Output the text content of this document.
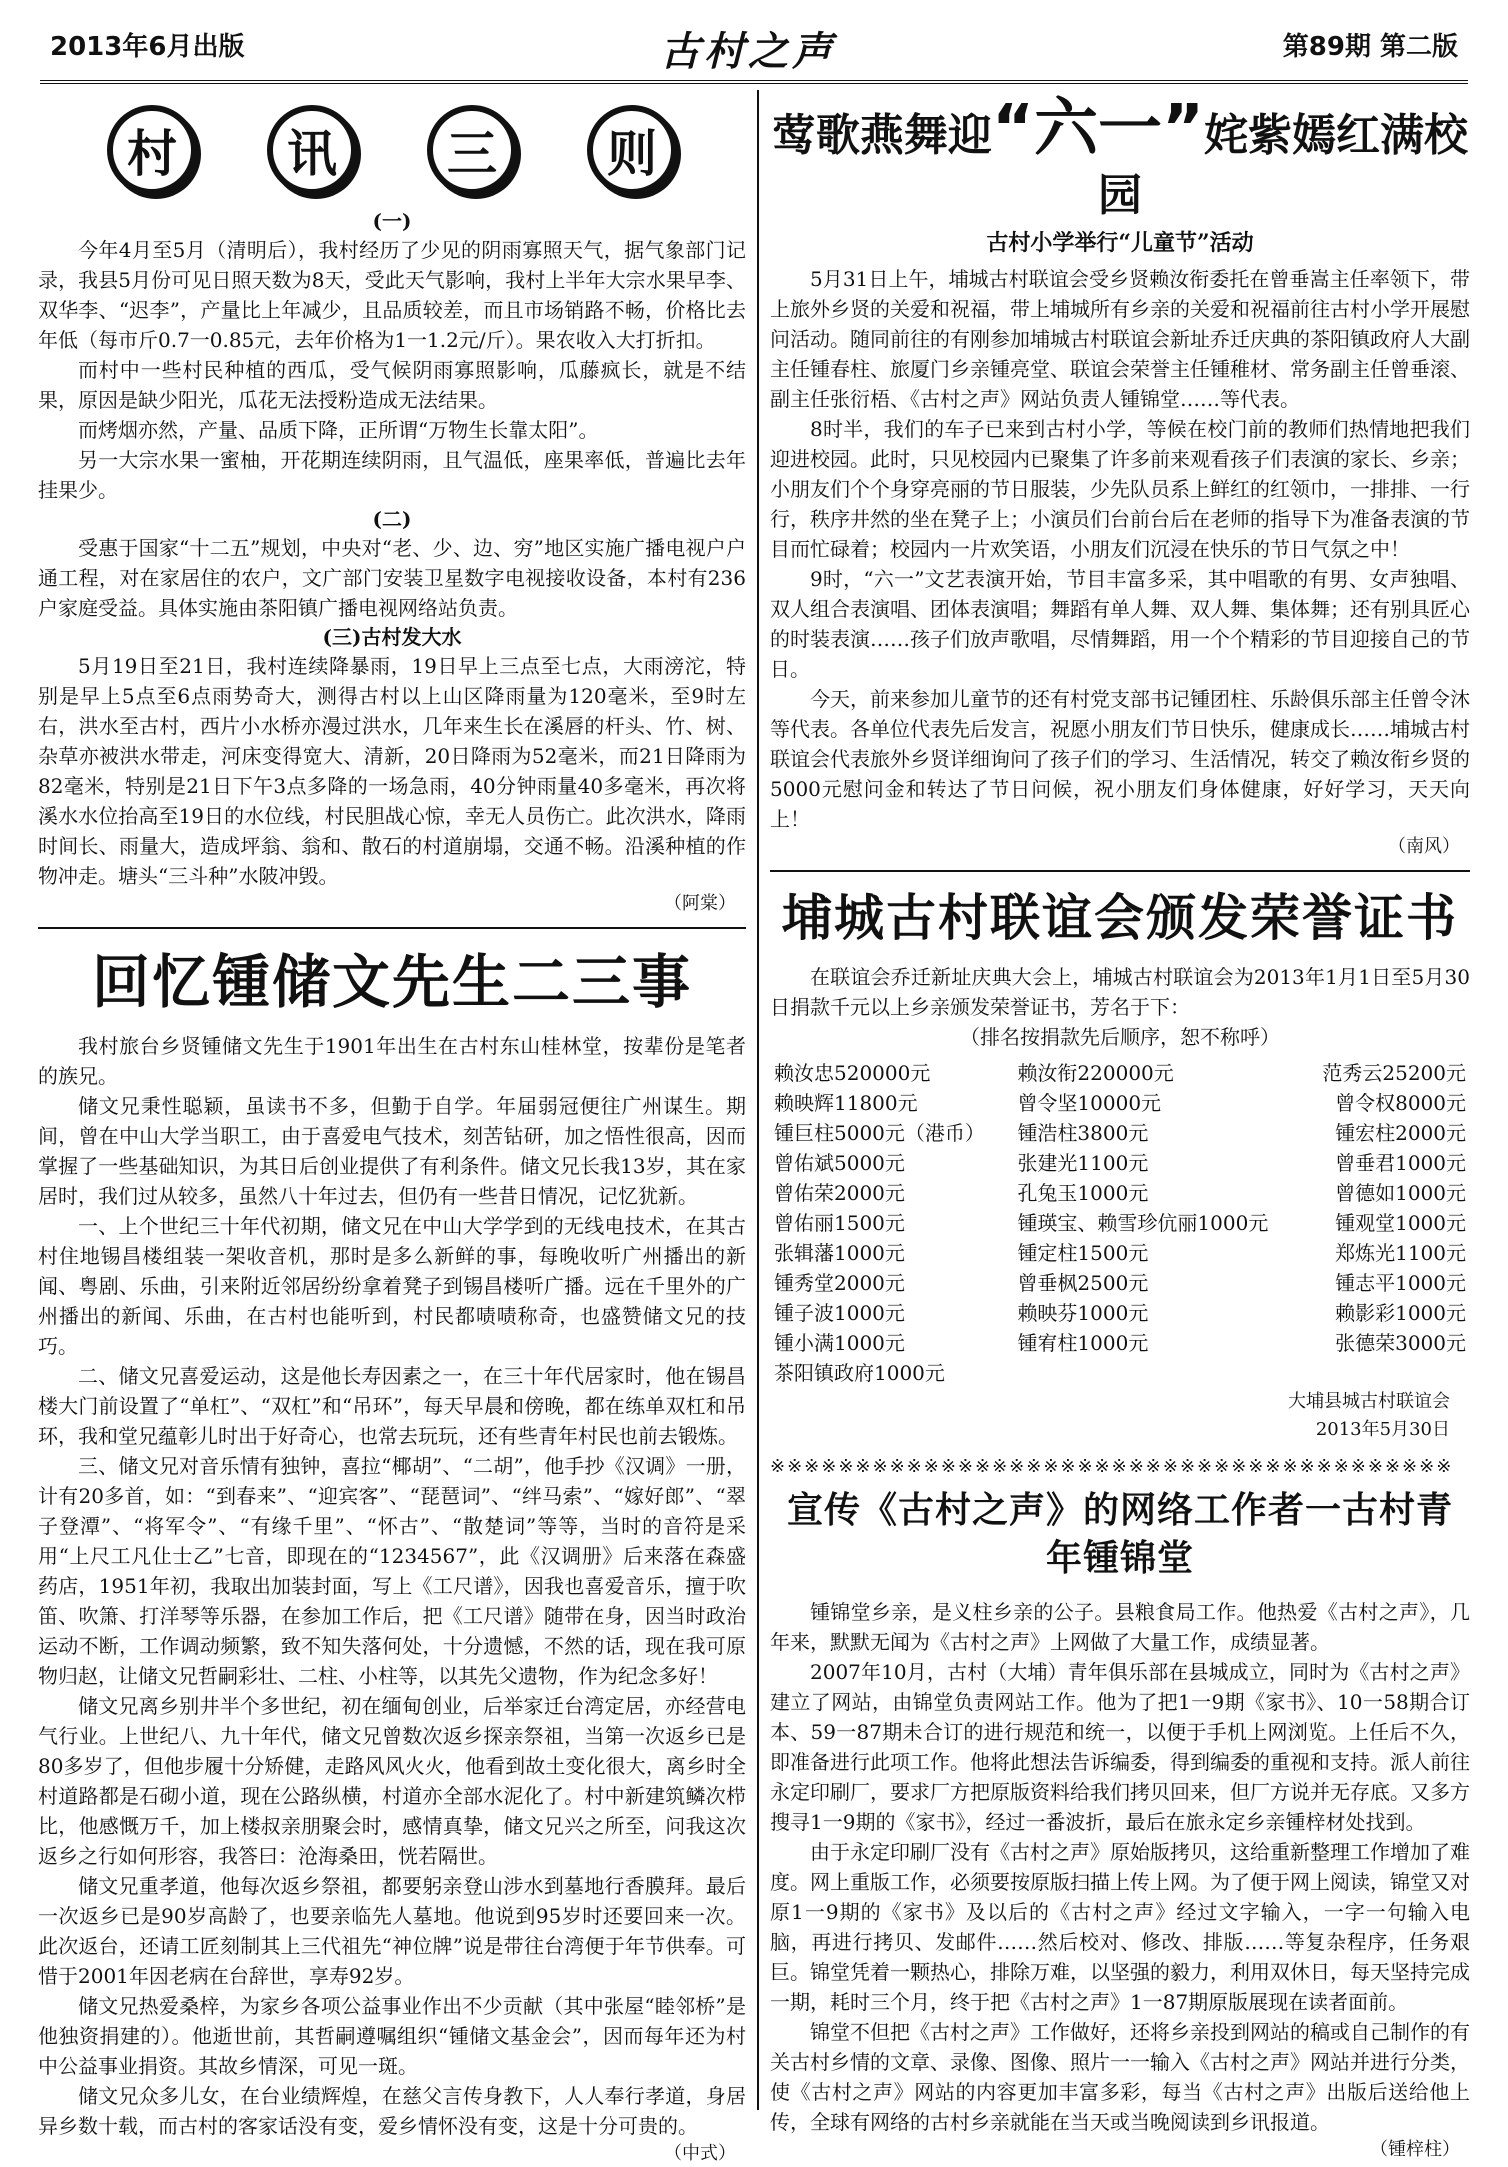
2013年6月出版	古村之声	第89期 第二版
村	讯	三	则

(一)

今年4月至5月（清明后），我村经历了少见的阴雨寡照天气，据气象部门记录，我县5月份可见日照天数为8天，受此天气影响，我村上半年大宗水果早李、双华李、“迟李”，产量比上年减少，且品质较差，而且市场销路不畅，价格比去年低（每市斤0.7一0.85元，去年价格为1一1.2元/斤）。果农收入大打折扣。

而村中一些村民种植的西瓜，受气候阴雨寡照影响，瓜藤疯长，就是不结果，原因是缺少阳光，瓜花无法授粉造成无法结果。

而烤烟亦然，产量、品质下降，正所谓“万物生长靠太阳”。

另一大宗水果一蜜柚，开花期连续阴雨，且气温低，座果率低，普遍比去年挂果少。

(二)

受惠于国家“十二五”规划，中央对“老、少、边、穷”地区实施广播电视户户通工程，对在家居住的农户，文广部门安装卫星数字电视接收设备，本村有236户家庭受益。具体实施由茶阳镇广播电视网络站负责。

(三)古村发大水

5月19日至21日，我村连续降暴雨，19日早上三点至七点，大雨滂沱，特别是早上5点至6点雨势奇大，测得古村以上山区降雨量为120毫米，至9时左右，洪水至古村，西片小水桥亦漫过洪水，几年来生长在溪唇的杆头、竹、树、杂草亦被洪水带走，河床变得宽大、清新，20日降雨为52毫米，而21日降雨为82毫米，特别是21日下午3点多降的一场急雨，40分钟雨量40多毫米，再次将溪水水位抬高至19日的水位线，村民胆战心惊，幸无人员伤亡。此次洪水，降雨时间长、雨量大，造成坪翁、翁和、散石的村道崩塌，交通不畅。沿溪种植的作物冲走。塘头“三斗种”水陂冲毁。

（阿棠）

回忆锺储文先生二三事

我村旅台乡贤锺储文先生于1901年出生在古村东山桂林堂，按辈份是笔者的族兄。

储文兄秉性聪颖，虽读书不多，但勤于自学。年届弱冠便往广州谋生。期间，曾在中山大学当职工，由于喜爱电气技术，刻苦钻研，加之悟性很高，因而掌握了一些基础知识，为其日后创业提供了有利条件。储文兄长我13岁，其在家居时，我们过从较多，虽然八十年过去，但仍有一些昔日情况，记忆犹新。

一、上个世纪三十年代初期，储文兄在中山大学学到的无线电技术，在其古村住地锡昌楼组装一架收音机，那时是多么新鲜的事，每晚收听广州播出的新闻、粤剧、乐曲，引来附近邻居纷纷拿着凳子到锡昌楼听广播。远在千里外的广州播出的新闻、乐曲，在古村也能听到，村民都啧啧称奇，也盛赞储文兄的技巧。

二、储文兄喜爱运动，这是他长寿因素之一，在三十年代居家时，他在锡昌楼大门前设置了“单杠”、“双杠”和“吊环”，每天早晨和傍晚，都在练单双杠和吊环，我和堂兄蕴彰儿时出于好奇心，也常去玩玩，还有些青年村民也前去锻炼。

三、储文兄对音乐情有独钟，喜拉“椰胡”、“二胡”，他手抄《汉调》一册，计有20多首，如：“到春来”、“迎宾客”、“琵琶词”、“绊马索”、“嫁好郎”、“翠子登潭”、“将军令”、“有缘千里”、“怀古”、“散楚词”等等，当时的音符是采用“上尺工凡仩士乙”七音，即现在的“1234567”，此《汉调册》后来落在森盛药店，1951年初，我取出加装封面，写上《工尺谱》，因我也喜爱音乐，擅于吹笛、吹箫、打洋琴等乐器，在参加工作后，把《工尺谱》随带在身，因当时政治运动不断，工作调动频繁，致不知失落何处，十分遗憾，不然的话，现在我可原物归赵，让储文兄哲嗣彩壮、二柱、小柱等，以其先父遗物，作为纪念多好！

储文兄离乡别井半个多世纪，初在缅甸创业，后举家迁台湾定居，亦经营电气行业。上世纪八、九十年代，储文兄曾数次返乡探亲祭祖，当第一次返乡已是80多岁了，但他步履十分矫健，走路风风火火，他看到故土变化很大，离乡时全村道路都是石砌小道，现在公路纵横，村道亦全部水泥化了。村中新建筑鳞次栉比，他感慨万千，加上楼叔亲朋聚会时，感情真挚，储文兄兴之所至，问我这次返乡之行如何形容，我答曰：沧海桑田，恍若隔世。

储文兄重孝道，他每次返乡祭祖，都要躬亲登山涉水到墓地行香膜拜。最后一次返乡已是90岁高龄了，也要亲临先人墓地。他说到95岁时还要回来一次。此次返台，还请工匠刻制其上三代祖先“神位牌”说是带往台湾便于年节供奉。可惜于2001年因老病在台辞世，享寿92岁。

储文兄热爱桑梓，为家乡各项公益事业作出不少贡献（其中张屋“睦邻桥”是他独资捐建的）。他逝世前，其哲嗣遵嘱组织“锺储文基金会”，因而每年还为村中公益事业捐资。其故乡情深，可见一斑。

储文兄众多儿女，在台业绩辉煌，在慈父言传身教下，人人奉行孝道，身居异乡数十载，而古村的客家话没有变，爱乡情怀没有变，这是十分可贵的。

（中式）

莺歌燕舞迎“六一”姹紫嫣红满校园
古村小学举行“儿童节”活动

5月31日上午，埔城古村联谊会受乡贤赖汝衔委托在曾垂嵩主任率领下，带上旅外乡贤的关爱和祝福，带上埔城所有乡亲的关爱和祝福前往古村小学开展慰问活动。随同前往的有刚参加埔城古村联谊会新址乔迁庆典的茶阳镇政府人大副主任锺春柱、旅厦门乡亲锺亮堂、联谊会荣誉主任锺稚材、常务副主任曾垂滚、副主任张衍梧、《古村之声》网站负责人锺锦堂……等代表。

8时半，我们的车子已来到古村小学，等候在校门前的教师们热情地把我们迎进校园。此时，只见校园内已聚集了许多前来观看孩子们表演的家长、乡亲；小朋友们个个身穿亮丽的节日服装，少先队员系上鲜红的红领巾，一排排、一行行，秩序井然的坐在凳子上；小演员们台前台后在老师的指导下为准备表演的节目而忙碌着；校园内一片欢笑语，小朋友们沉浸在快乐的节日气氛之中！

9时，“六一”文艺表演开始，节目丰富多采，其中唱歌的有男、女声独唱、双人组合表演唱、团体表演唱；舞蹈有单人舞、双人舞、集体舞；还有别具匠心的时装表演……孩子们放声歌唱，尽情舞蹈，用一个个精彩的节目迎接自己的节日。

今天，前来参加儿童节的还有村党支部书记锺团柱、乐龄俱乐部主任曾令沐等代表。各单位代表先后发言，祝愿小朋友们节日快乐，健康成长……埔城古村联谊会代表旅外乡贤详细询问了孩子们的学习、生活情况，转交了赖汝衔乡贤的5000元慰问金和转达了节日问候，祝小朋友们身体健康，好好学习，天天向上！

（南风）

埔城古村联谊会颁发荣誉证书

在联谊会乔迁新址庆典大会上，埔城古村联谊会为2013年1月1日至5月30日捐款千元以上乡亲颁发荣誉证书，芳名于下：

（排名按捐款先后顺序，恕不称呼）

赖汝忠520000元	赖汝衔220000元	范秀云25200元
赖映辉11800元	曾令坚10000元	曾令权8000元
锺巨柱5000元（港币）	锺浩柱3800元	锺宏柱2000元
曾佑斌5000元	张建光1100元	曾垂君1000元
曾佑荣2000元	孔兔玉1000元	曾德如1000元
曾佑丽1500元	锺瑛宝、赖雪珍伉丽1000元	锺观堂1000元
张辑藩1000元	锺定柱1500元	郑炼光1100元
锺秀堂2000元	曾垂枫2500元	锺志平1000元
锺子波1000元	赖映芬1000元	赖影彩1000元
锺小满1000元	锺宥柱1000元	张德荣3000元
茶阳镇政府1000元		
大埔县城古村联谊会
2013年5月30日
※※※※※※※※※※※※※※※※※※※※※※※※※※※※※※※※※※※※※※※※
宣传《古村之声》的网络工作者一古村青年锺锦堂

锺锦堂乡亲，是义柱乡亲的公子。县粮食局工作。他热爱《古村之声》，几年来，默默无闻为《古村之声》上网做了大量工作，成绩显著。

2007年10月，古村（大埔）青年俱乐部在县城成立，同时为《古村之声》建立了网站，由锦堂负责网站工作。他为了把1一9期《家书》、10一58期合订本、59一87期未合订的进行规范和统一，以便于手机上网浏览。上任后不久，即准备进行此项工作。他将此想法告诉编委，得到编委的重视和支持。派人前往永定印刷厂，要求厂方把原版资料给我们拷贝回来，但厂方说并无存底。又多方搜寻1一9期的《家书》，经过一番波折，最后在旅永定乡亲锺梓材处找到。

由于永定印刷厂没有《古村之声》原始版拷贝，这给重新整理工作增加了难度。网上重版工作，必须要按原版扫描上传上网。为了便于网上阅读，锦堂又对原1一9期的《家书》及以后的《古村之声》经过文字输入，一字一句输入电脑，再进行拷贝、发邮件……然后校对、修改、排版……等复杂程序，任务艰巨。锦堂凭着一颗热心，排除万难，以坚强的毅力，利用双休日，每天坚持完成一期，耗时三个月，终于把《古村之声》1一87期原版展现在读者面前。

锦堂不但把《古村之声》工作做好，还将乡亲投到网站的稿或自己制作的有关古村乡情的文章、录像、图像、照片一一输入《古村之声》网站并进行分类，使《古村之声》网站的内容更加丰富多彩，每当《古村之声》出版后送给他上传，全球有网络的古村乡亲就能在当天或当晚阅读到乡讯报道。

（锺梓柱）
